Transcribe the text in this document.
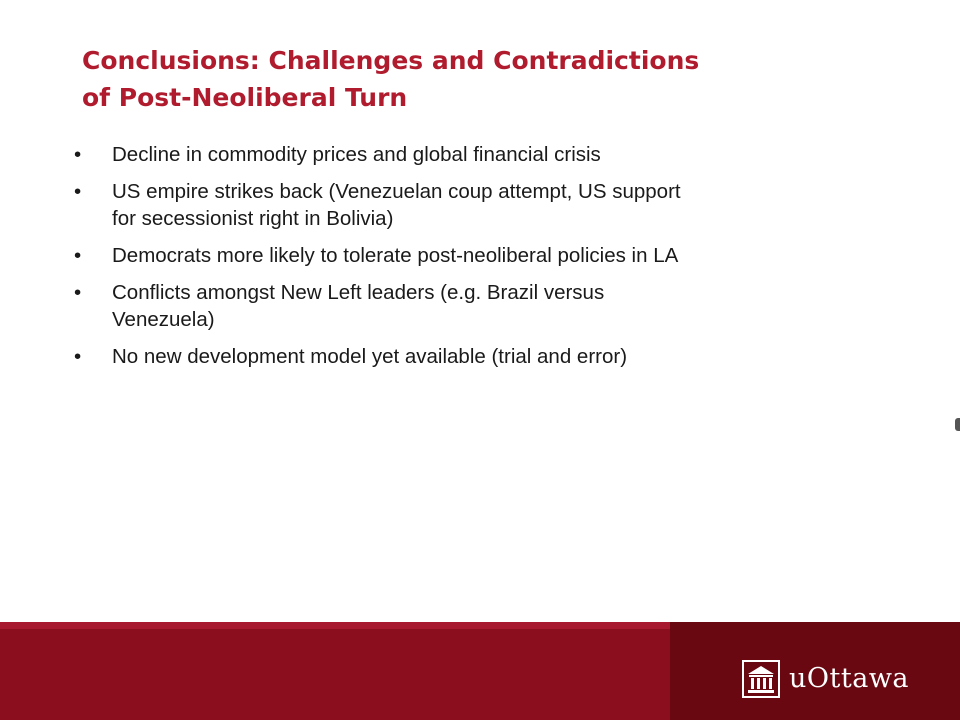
Conclusions: Challenges and Contradictions
of Post-Neoliberal Turn
• Decline in commodity prices and global financial crisis
• US empire strikes back (Venezuelan coup attempt, US support
for secessionist right in Bolivia)
• Democrats more likely to tolerate post-neoliberal policies in LA
• Conflicts amongst New Left leaders (e.g. Brazil versus
Venezuela)
• No new development model yet available (trial and error)
uOttawa
